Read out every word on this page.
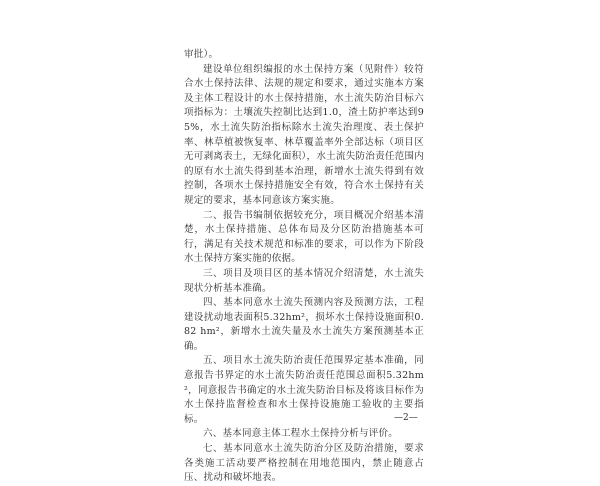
审批）。

建设单位组织编报的水土保持方案（见附件）较符合水土保持法律、法规的规定和要求，通过实施本方案及主体工程设计的水土保持措施，水土流失防治目标六项指标为：土壤流失控制比达到1.0，渣土防护率达到95%，水土流失防治指标除水土流失治理度、表土保护率、林草植被恢复率、林草覆盖率外全部达标（项目区无可剥离表土，无绿化面积），水土流失防治责任范围内的原有水土流失得到基本治理，新增水土流失得到有效控制，各项水土保持措施安全有效，符合水土保持有关规定的要求，基本同意该方案实施。

二、报告书编制依据较充分，项目概况介绍基本清楚，水土保持措施、总体布局及分区防治措施基本可行，满足有关技术规范和标准的要求，可以作为下阶段水土保持方案实施的依据。

三、项目及项目区的基本情况介绍清楚，水土流失现状分析基本准确。

四、基本同意水土流失预测内容及预测方法，工程建设扰动地表面积5.32hm²，损坏水土保持设施面积0.82 hm²，新增水土流失量及水土流失方案预测基本正确。

五、项目水土流失防治责任范围界定基本准确，同意报告书界定的水土流失防治责任范围总面积5.32hm²，同意报告书确定的水土流失防治目标及将该目标作为水土保持监督检查和水土保持设施施工验收的主要指标。

六、基本同意主体工程水土保持分析与评价。

七、基本同意水土流失防治分区及防治措施，要求各类施工活动要严格控制在用地范围内，禁止随意占压、扰动和破坏地表。

—2—
